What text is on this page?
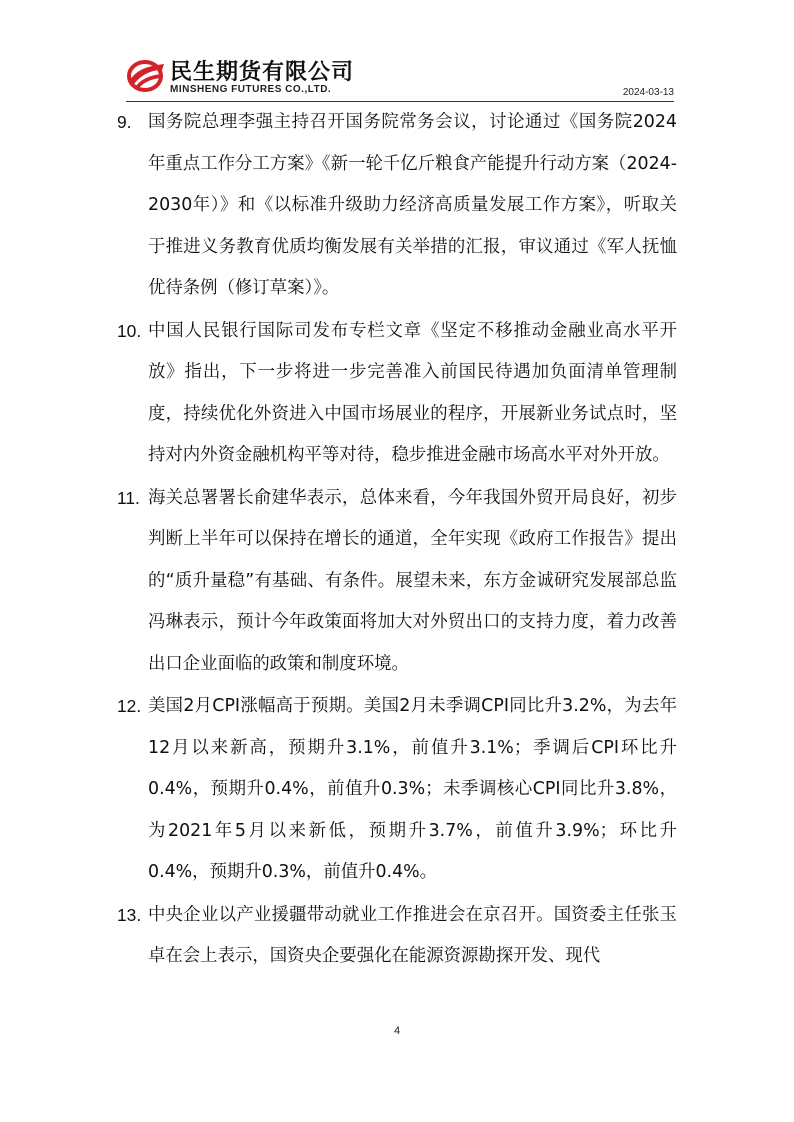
民生期货有限公司
MINSHENG FUTURES CO.,LTD.	2024-03-13
9. 国务院总理李强主持召开国务院常务会议，讨论通过《国务院2024年重点工作分工方案》《新一轮千亿斤粮食产能提升行动方案（2024-2030年）》和《以标准升级助力经济高质量发展工作方案》，听取关于推进义务教育优质均衡发展有关举措的汇报，审议通过《军人抚恤优待条例（修订草案）》。
10. 中国人民银行国际司发布专栏文章《坚定不移推动金融业高水平开放》指出，下一步将进一步完善准入前国民待遇加负面清单管理制度，持续优化外资进入中国市场展业的程序，开展新业务试点时，坚持对内外资金融机构平等对待，稳步推进金融市场高水平对外开放。
11. 海关总署署长俞建华表示，总体来看，今年我国外贸开局良好，初步判断上半年可以保持在增长的通道，全年实现《政府工作报告》提出的“质升量稳”有基础、有条件。展望未来，东方金诚研究发展部总监冯琳表示，预计今年政策面将加大对外贸出口的支持力度，着力改善出口企业面临的政策和制度环境。
12. 美国2月CPI涨幅高于预期。美国2月未季调CPI同比升3.2%，为去年12月以来新高，预期升3.1%，前值升3.1%；季调后CPI环比升0.4%，预期升0.4%，前值升0.3%；未季调核心CPI同比升3.8%，为2021年5月以来新低，预期升3.7%，前值升3.9%；环比升0.4%，预期升0.3%，前值升0.4%。
13. 中央企业以产业援疆带动就业工作推进会在京召开。国资委主任张玉卓在会上表示，国资央企要强化在能源资源勘探开发、现代
4
